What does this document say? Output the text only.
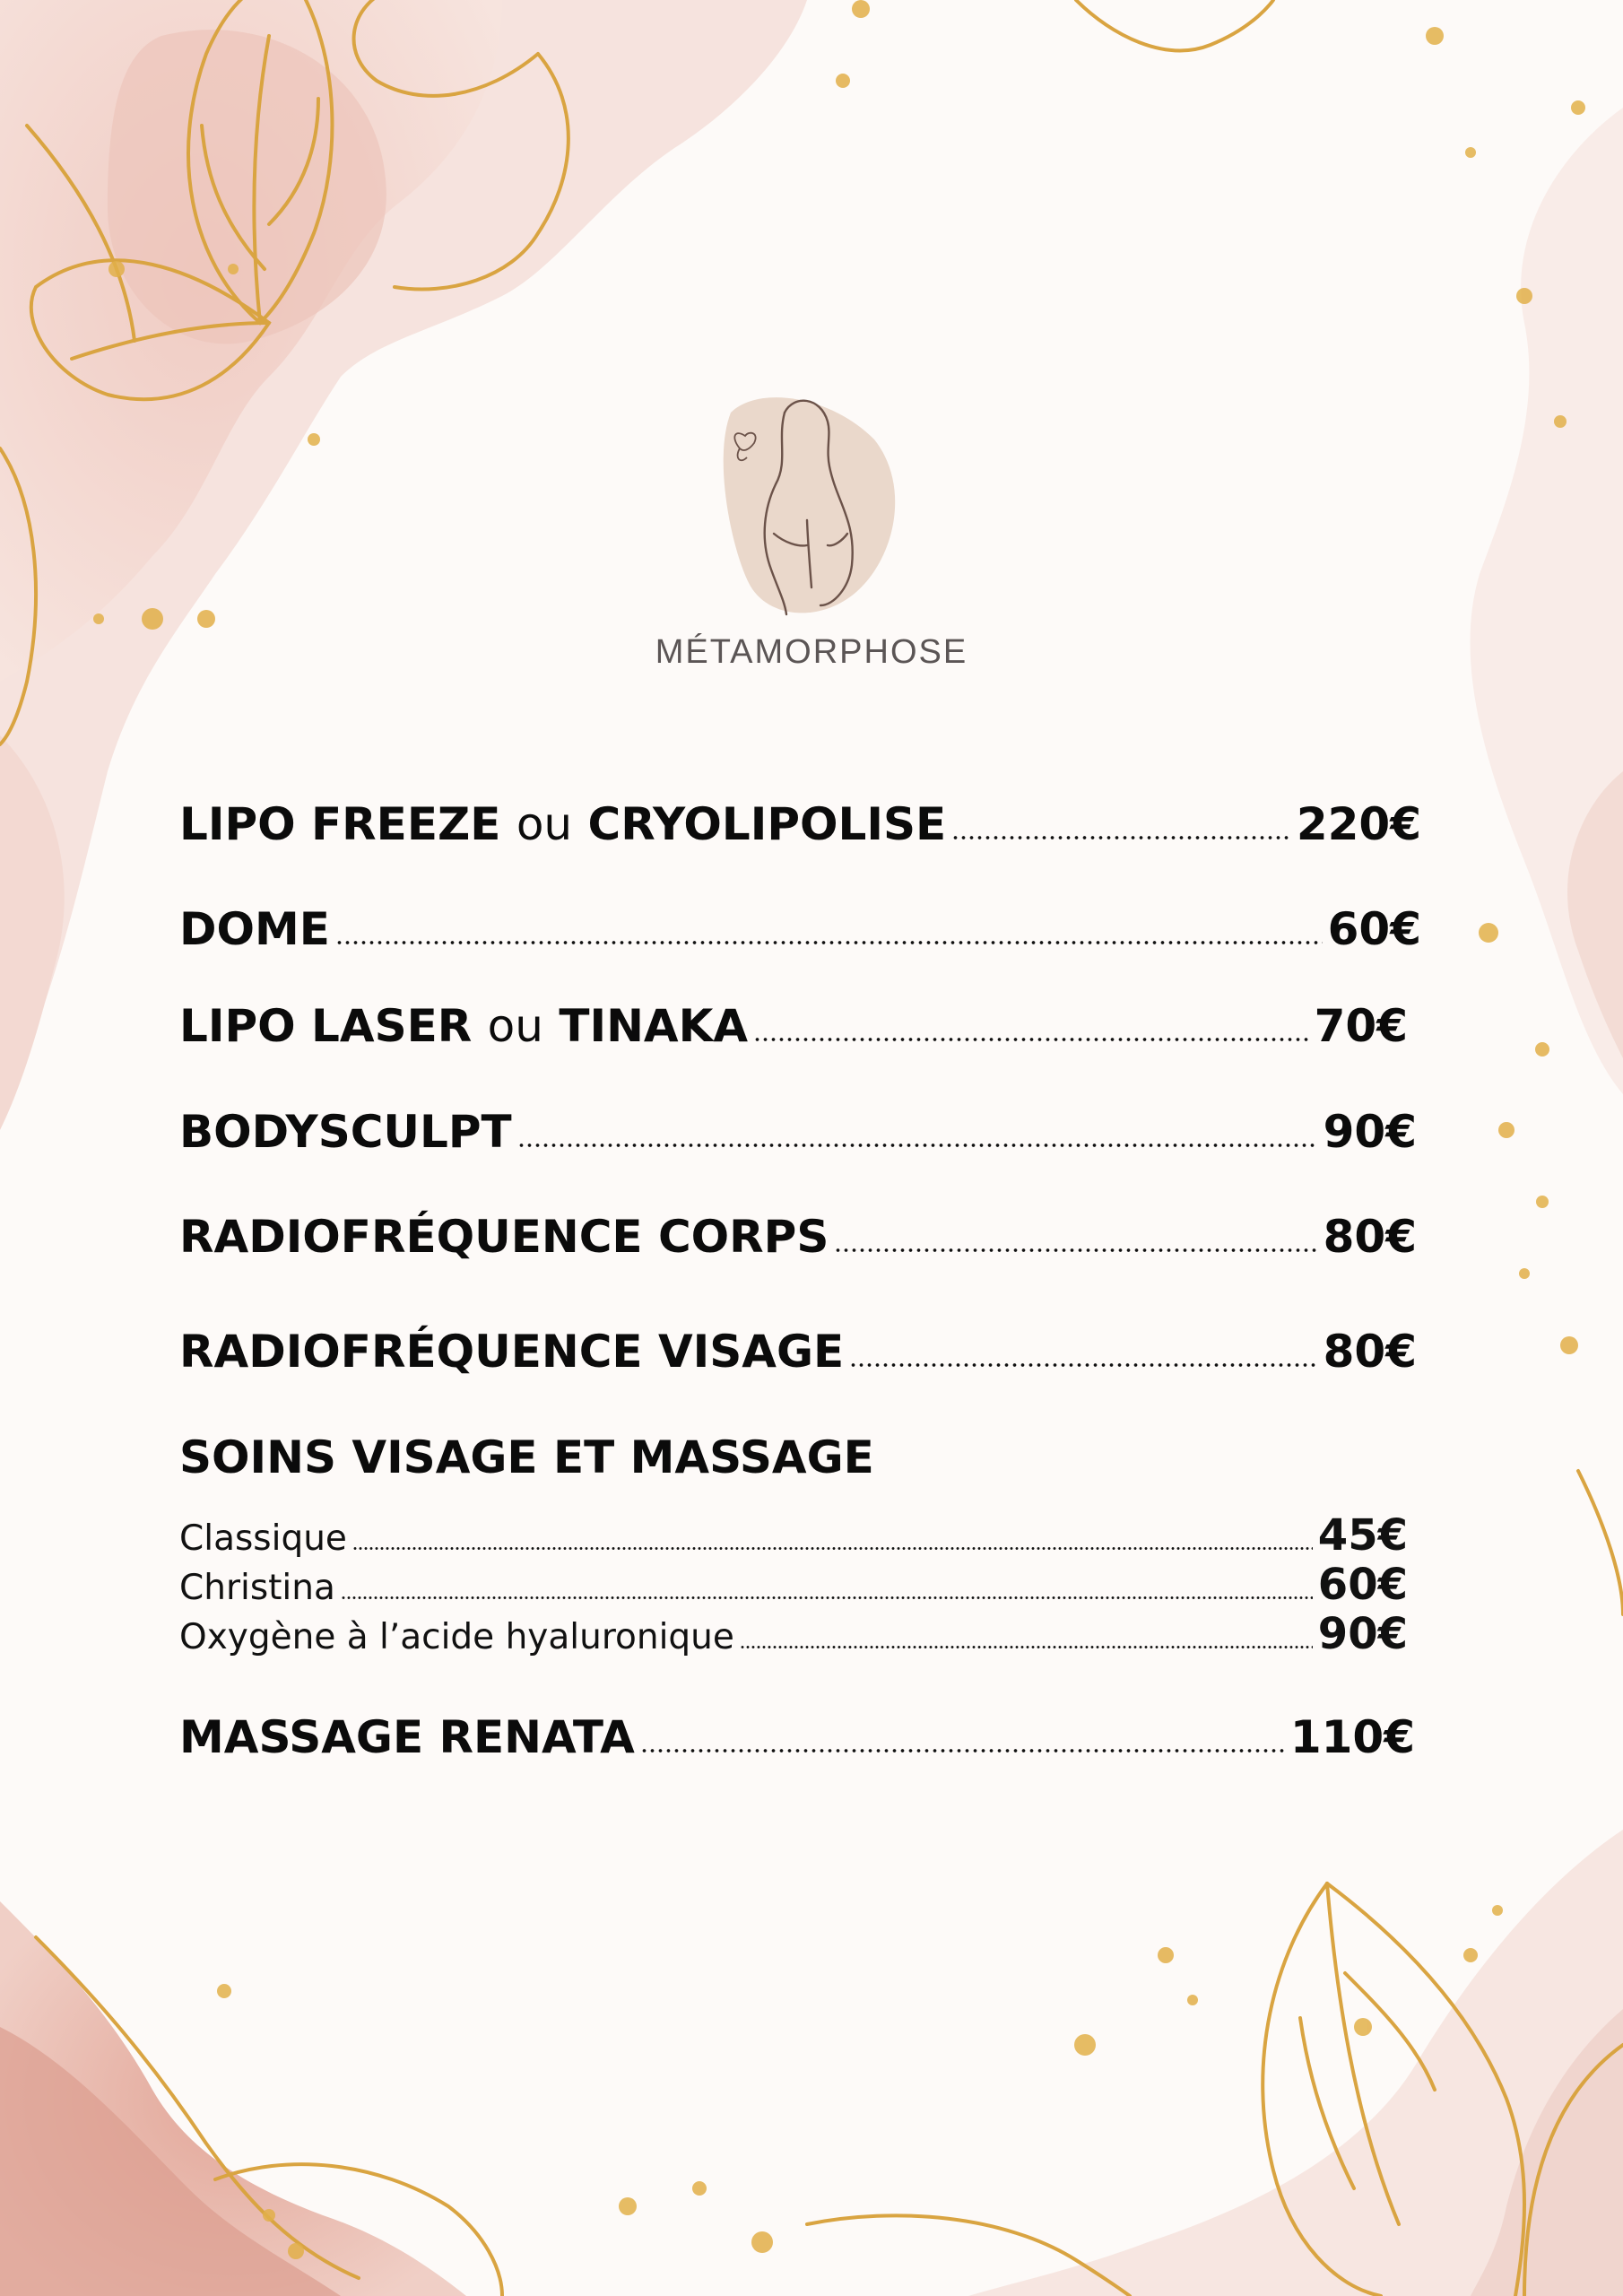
MÉTAMORPHOSE
LIPO FREEZE ou CRYOLIPOLISE	220€
DOME	60€
LIPO LASER ou TINAKA	70€
BODYSCULPT	90€
RADIOFRÉQUENCE CORPS	80€
RADIOFRÉQUENCE VISAGE	80€
SOINS VISAGE ET MASSAGE
Classique	45€
Christina	60€
Oxygène à l’acide hyaluronique	90€
MASSAGE RENATA	110€
